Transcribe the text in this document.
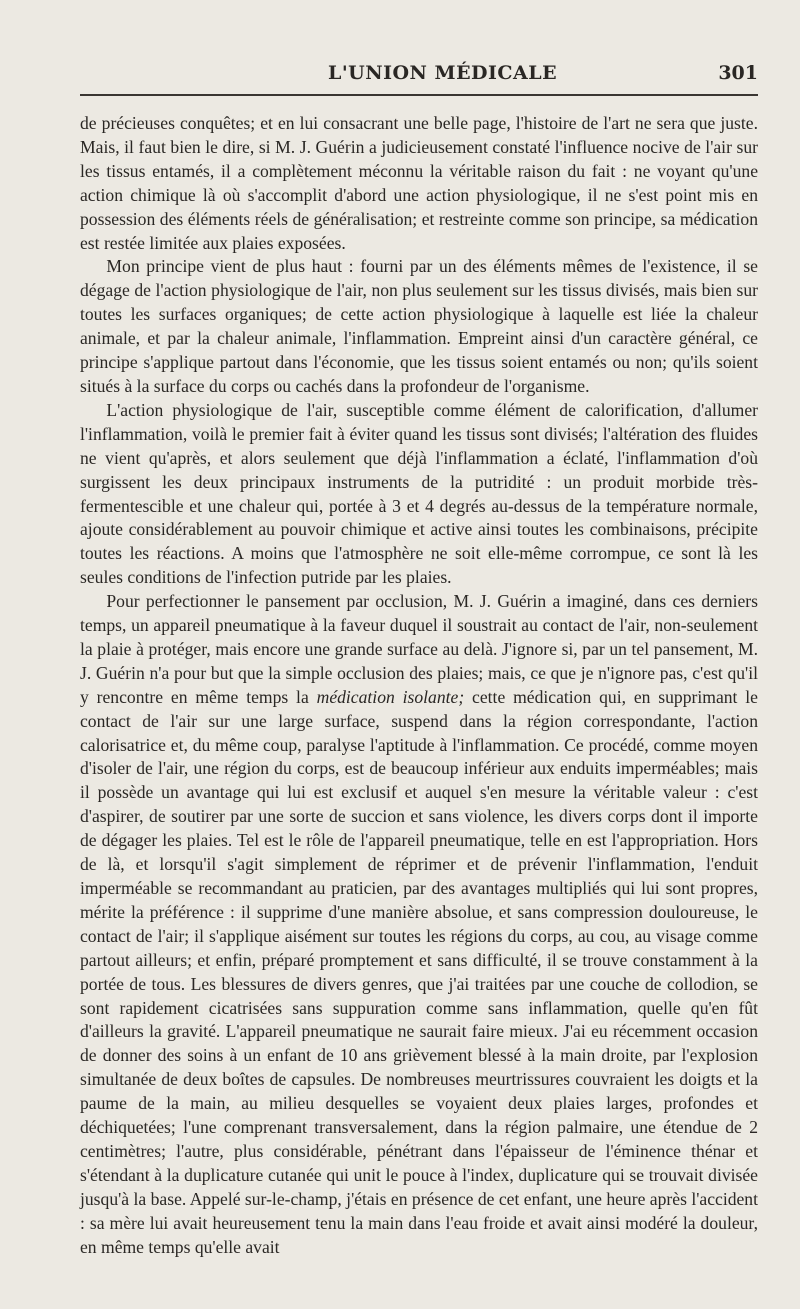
L'UNION MÉDICALE	301

de précieuses conquêtes; et en lui consacrant une belle page, l'histoire de l'art ne sera que juste. Mais, il faut bien le dire, si M. J. Guérin a judicieusement constaté l'influence nocive de l'air sur les tissus entamés, il a complètement méconnu la véritable raison du fait : ne voyant qu'une action chimique là où s'accomplit d'abord une action physiologique, il ne s'est point mis en possession des éléments réels de généralisation; et restreinte comme son principe, sa médication est restée limitée aux plaies exposées.

Mon principe vient de plus haut : fourni par un des éléments mêmes de l'existence, il se dégage de l'action physiologique de l'air, non plus seulement sur les tissus divisés, mais bien sur toutes les surfaces organiques; de cette action physiologique à laquelle est liée la chaleur animale, et par la chaleur animale, l'inflammation. Empreint ainsi d'un caractère général, ce principe s'applique partout dans l'économie, que les tissus soient entamés ou non; qu'ils soient situés à la surface du corps ou cachés dans la profondeur de l'organisme.

L'action physiologique de l'air, susceptible comme élément de calorification, d'allumer l'inflammation, voilà le premier fait à éviter quand les tissus sont divisés; l'altération des fluides ne vient qu'après, et alors seulement que déjà l'inflammation a éclaté, l'inflammation d'où surgissent les deux principaux instruments de la putridité : un produit morbide très-fermentescible et une chaleur qui, portée à 3 et 4 degrés au-dessus de la température normale, ajoute considérablement au pouvoir chimique et active ainsi toutes les combinaisons, précipite toutes les réactions. A moins que l'atmosphère ne soit elle-même corrompue, ce sont là les seules conditions de l'infection putride par les plaies.

Pour perfectionner le pansement par occlusion, M. J. Guérin a imaginé, dans ces derniers temps, un appareil pneumatique à la faveur duquel il soustrait au contact de l'air, non-seulement la plaie à protéger, mais encore une grande surface au delà. J'ignore si, par un tel pansement, M. J. Guérin n'a pour but que la simple occlusion des plaies; mais, ce que je n'ignore pas, c'est qu'il y rencontre en même temps la médication isolante; cette médication qui, en supprimant le contact de l'air sur une large surface, suspend dans la région correspondante, l'action calorisatrice et, du même coup, paralyse l'aptitude à l'inflammation. Ce procédé, comme moyen d'isoler de l'air, une région du corps, est de beaucoup inférieur aux enduits imperméables; mais il possède un avantage qui lui est exclusif et auquel s'en mesure la véritable valeur : c'est d'aspirer, de soutirer par une sorte de succion et sans violence, les divers corps dont il importe de dégager les plaies. Tel est le rôle de l'appareil pneumatique, telle en est l'appropriation. Hors de là, et lorsqu'il s'agit simplement de réprimer et de prévenir l'inflammation, l'enduit imperméable se recommandant au praticien, par des avantages multipliés qui lui sont propres, mérite la préférence : il supprime d'une manière absolue, et sans compression douloureuse, le contact de l'air; il s'applique aisément sur toutes les régions du corps, au cou, au visage comme partout ailleurs; et enfin, préparé promptement et sans difficulté, il se trouve constamment à la portée de tous. Les blessures de divers genres, que j'ai traitées par une couche de collodion, se sont rapidement cicatrisées sans suppuration comme sans inflammation, quelle qu'en fût d'ailleurs la gravité. L'appareil pneumatique ne saurait faire mieux. J'ai eu récemment occasion de donner des soins à un enfant de 10 ans grièvement blessé à la main droite, par l'explosion simultanée de deux boîtes de capsules. De nombreuses meurtrissures couvraient les doigts et la paume de la main, au milieu desquelles se voyaient deux plaies larges, profondes et déchiquetées; l'une comprenant transversalement, dans la région palmaire, une étendue de 2 centimètres; l'autre, plus considérable, pénétrant dans l'épaisseur de l'éminence thénar et s'étendant à la duplicature cutanée qui unit le pouce à l'index, duplicature qui se trouvait divisée jusqu'à la base. Appelé sur-le-champ, j'étais en présence de cet enfant, une heure après l'accident : sa mère lui avait heureusement tenu la main dans l'eau froide et avait ainsi modéré la douleur, en même temps qu'elle avait
